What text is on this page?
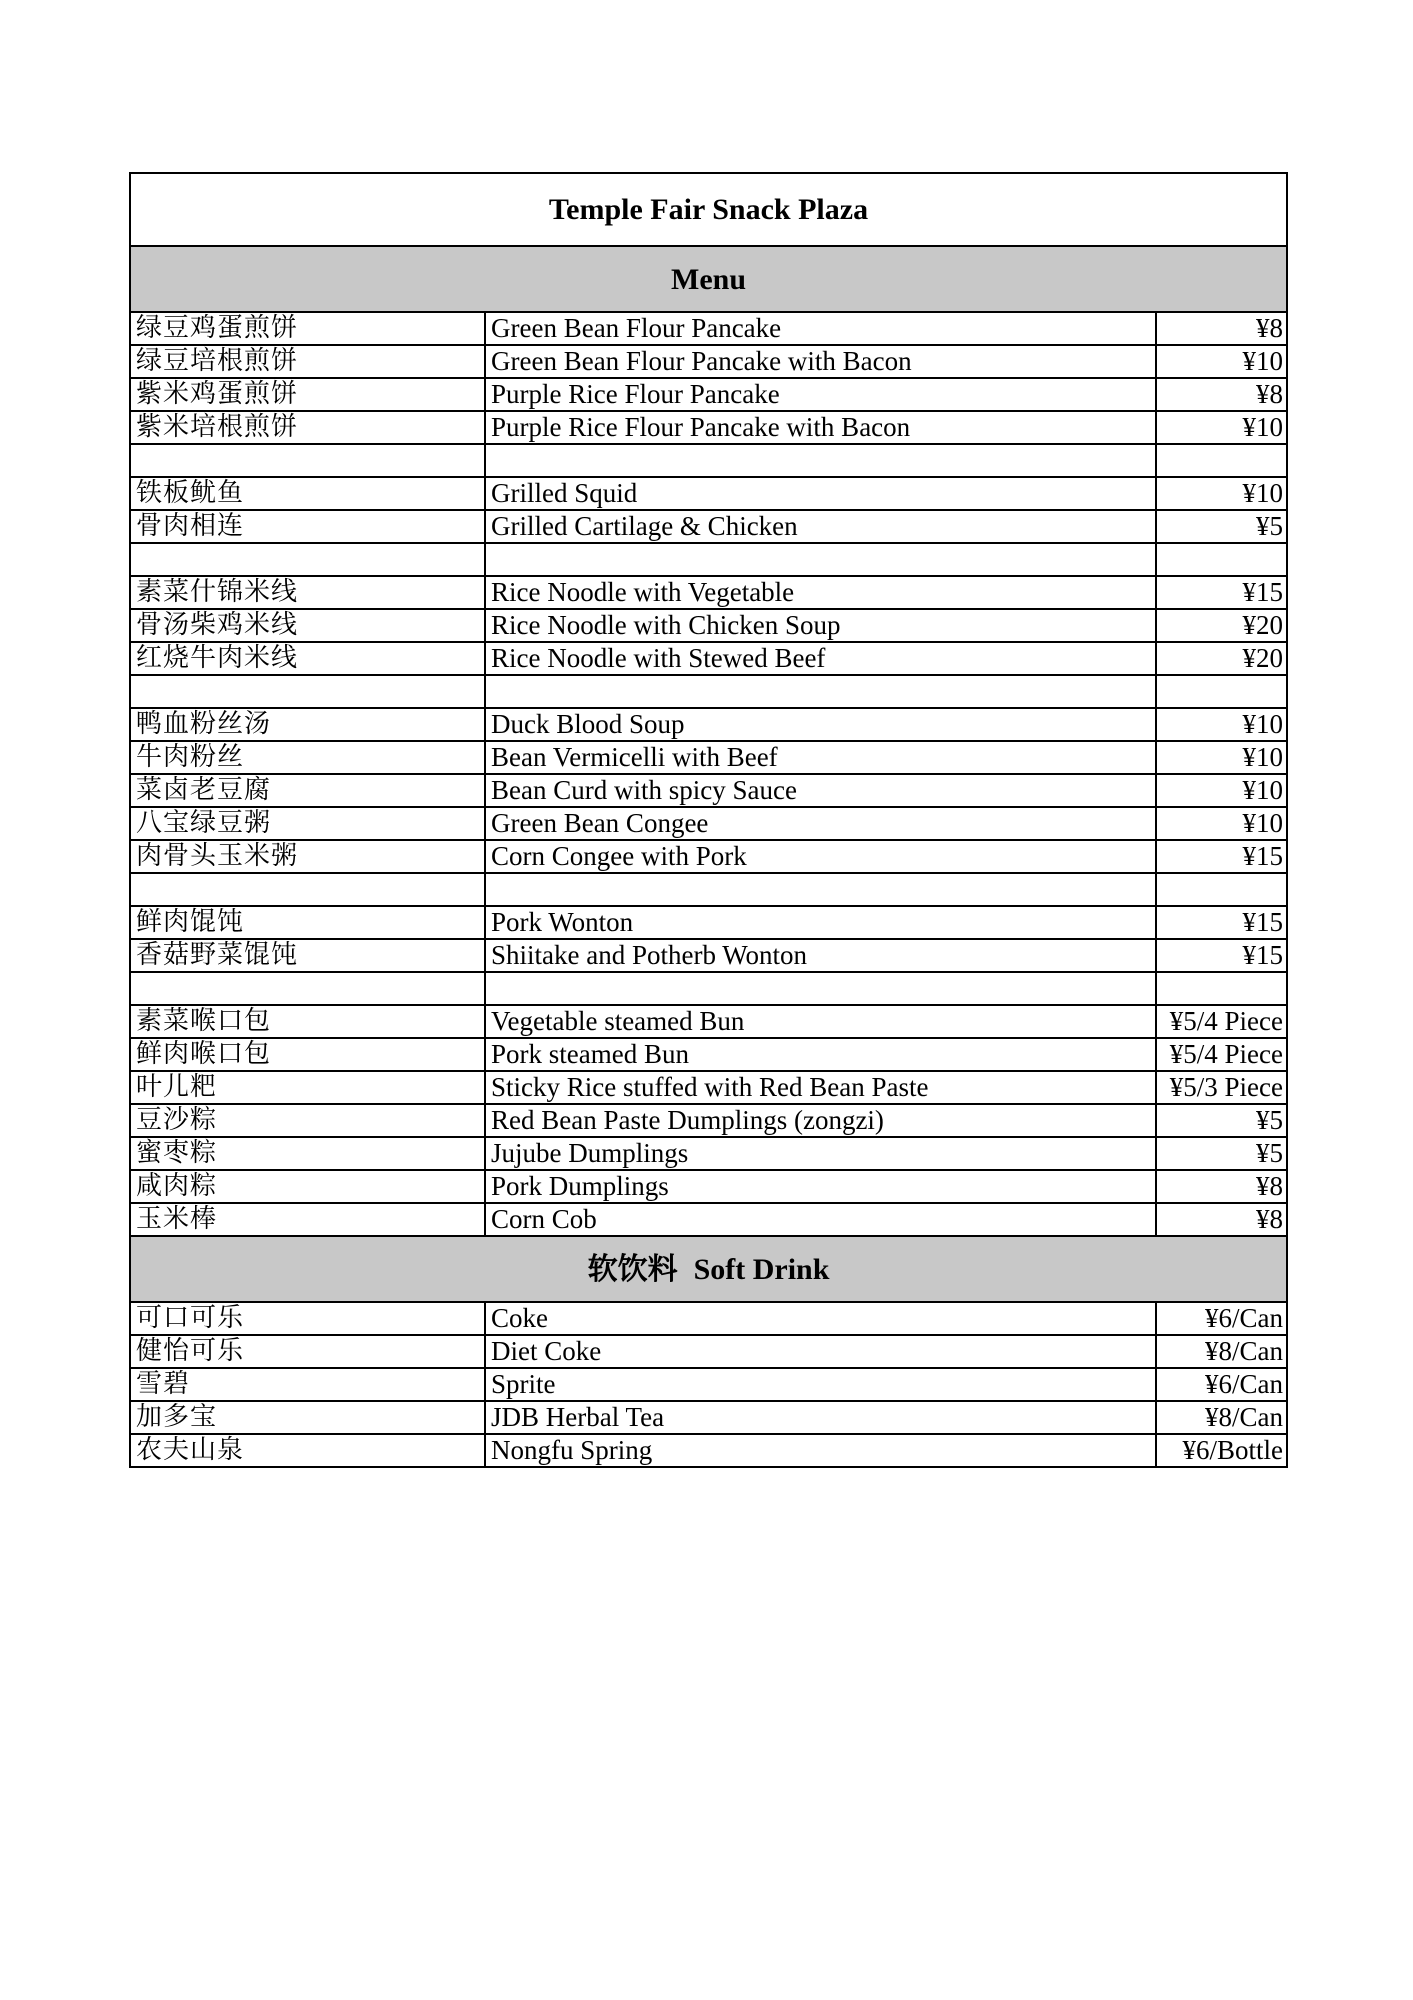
Temple Fair Snack Plaza		
Menu		
绿豆鸡蛋煎饼	Green Bean Flour Pancake	¥8
绿豆培根煎饼	Green Bean Flour Pancake with Bacon	¥10
紫米鸡蛋煎饼	Purple Rice Flour Pancake	¥8
紫米培根煎饼	Purple Rice Flour Pancake with Bacon	¥10

铁板鱿鱼	Grilled Squid	¥10
骨肉相连	Grilled Cartilage & Chicken	¥5

素菜什锦米线	Rice Noodle with Vegetable	¥15
骨汤柴鸡米线	Rice Noodle with Chicken Soup	¥20
红烧牛肉米线	Rice Noodle with Stewed Beef	¥20

鸭血粉丝汤	Duck Blood Soup	¥10
牛肉粉丝	Bean Vermicelli with Beef	¥10
菜卤老豆腐	Bean Curd with spicy Sauce	¥10
八宝绿豆粥	Green Bean Congee	¥10
肉骨头玉米粥	Corn Congee with Pork	¥15

鲜肉馄饨	Pork Wonton	¥15
香菇野菜馄饨	Shiitake and Potherb Wonton	¥15

素菜喉口包	Vegetable steamed Bun	¥5/4 Piece
鲜肉喉口包	Pork steamed Bun	¥5/4 Piece
叶儿粑	Sticky Rice stuffed with Red Bean Paste	¥5/3 Piece
豆沙粽	Red Bean Paste Dumplings (zongzi)	¥5
蜜枣粽	Jujube Dumplings	¥5
咸肉粽	Pork Dumplings	¥8
玉米棒	Corn Cob	¥8
软饮料 Soft Drink		
可口可乐	Coke	¥6/Can
健怡可乐	Diet Coke	¥8/Can
雪碧	Sprite	¥6/Can
加多宝	JDB Herbal Tea	¥8/Can
农夫山泉	Nongfu Spring	¥6/Bottle
